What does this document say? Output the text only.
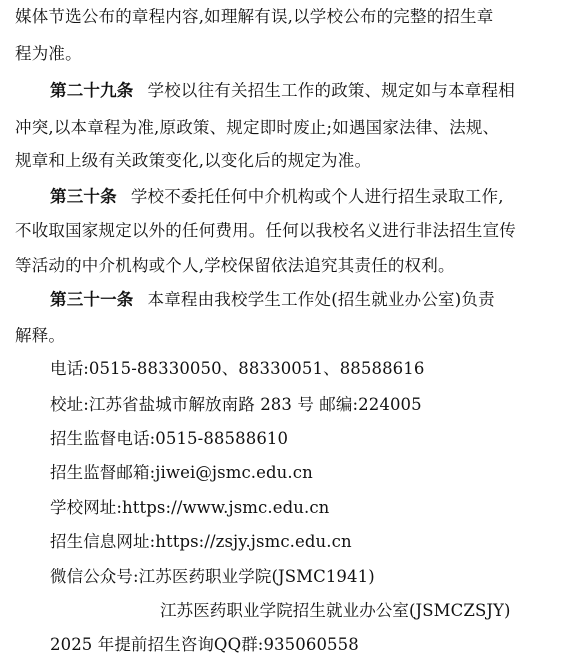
媒体节选公布的章程内容,如理解有误,以学校公布的完整的招生章
程为准。
第二十九条 学校以往有关招生工作的政策、规定如与本章程相
冲突,以本章程为准,原政策、规定即时废止;如遇国家法律、法规、
规章和上级有关政策变化,以变化后的规定为准。
第三十条 学校不委托任何中介机构或个人进行招生录取工作,
不收取国家规定以外的任何费用。任何以我校名义进行非法招生宣传
等活动的中介机构或个人,学校保留依法追究其责任的权利。
第三十一条 本章程由我校学生工作处(招生就业办公室)负责
解释。
电话:0515-88330050、88330051、88588616
校址:江苏省盐城市解放南路 283 号 邮编:224005
招生监督电话:0515-88588610
招生监督邮箱:jiwei@jsmc.edu.cn
学校网址:https://www.jsmc.edu.cn
招生信息网址:https://zsjy.jsmc.edu.cn
微信公众号:江苏医药职业学院(JSMC1941)
江苏医药职业学院招生就业办公室(JSMCZSJY)
2025 年提前招生咨询QQ群:935060558
